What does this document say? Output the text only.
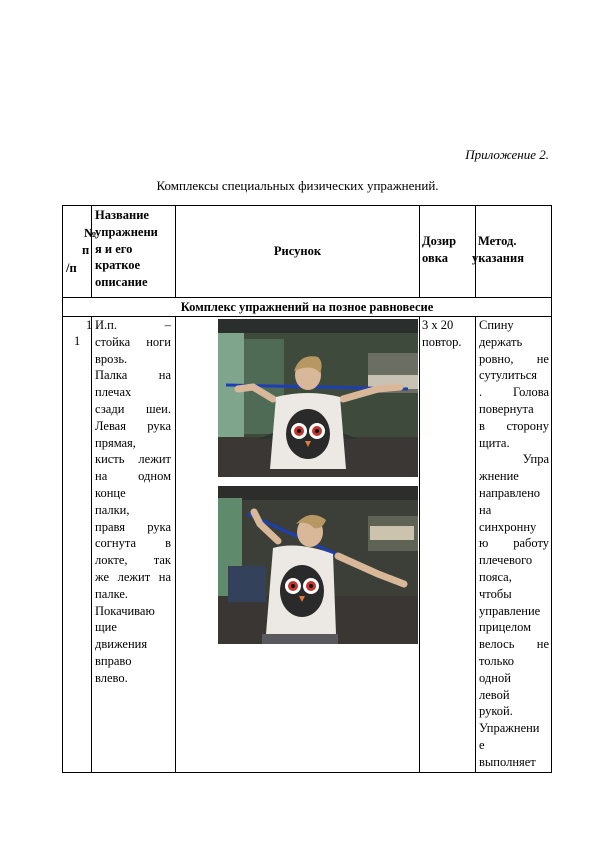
Приложение 2.
Комплексы специальных физических упражнений.
№
п
/п
Название
упражнени
я и его
краткое
описание
Рисунок
Дозир
овка
Метод.
указания
Комплекс упражнений на позное равновесие
1
1
И.п. –
стойка ноги
врозь.
Палка на
плечах
сзади шеи.
Левая рука
прямая,
кисть лежит
на одном
конце
палки,
правя рука
согнута в
локте, так
же лежит на
палке.
Покачиваю
щие
движения
вправо
влево.
3 х 20
повтор.
Спину
держать
ровно, не
сутулиться
. Голова
повернута
в сторону
щита.
Упра
жнение
направлено
на
синхронну
ю работу
плечевого
пояса,
чтобы
управление
прицелом
велось не
только
одной
левой
рукой.
Упражнени
е
выполняет
